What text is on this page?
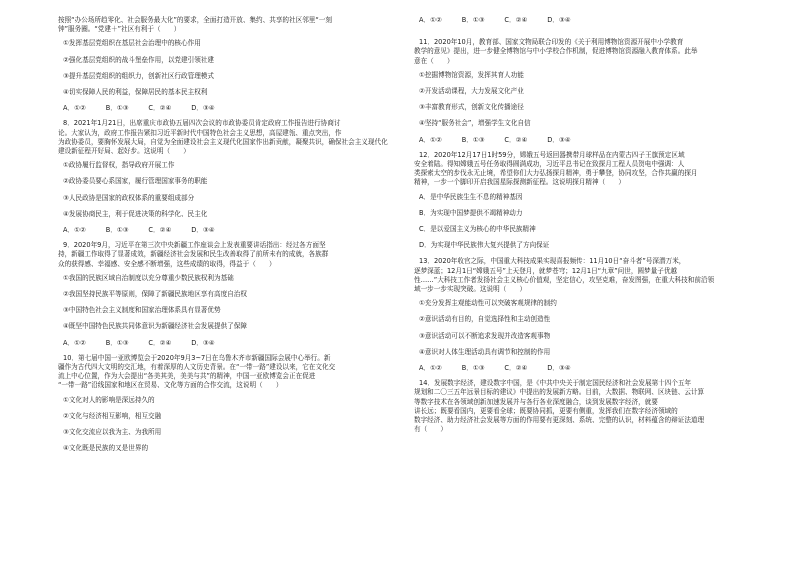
按照“办公场所趋零化、社会服务最大化”的要求，全面打造开放、集约、共享的社区邻里“一刻

钟”服务圈。“党建＋”社区有利于（　　）

①发挥基层党组织在基层社会治理中的核心作用

②强化基层党组织的战斗堡垒作用，以党建引领社建

③提升基层党组织的组织力，创新社区行政管理模式

④切实保障人民的利益，保障居民的基本民主权利

A．①②　　　B．①③　　　C．②④　　　D．③④

8．2021年1月21日，出席重庆市政协五届四次会议的市政协委员肯定政府工作报告进行协商讨

论。大家认为，政府工作报告紧扣习近平新时代中国特色社会主义思想，高屋建瓴、重点突出，作

为政协委员，要胸怀发展大局，自觉为全面建设社会主义现代化国家作出新贡献，凝聚共识，确保社会主义现代化

建设新征程开好局、起好步。这说明（　　）

①政协履行监督权，指导政府开展工作

②政协委员要心系国家，履行管理国家事务的职能

③人民政协是国家的政权体系的重要组成部分

④发展协商民主，利于促进决策的科学化、民主化

A．①②　　　B．①③　　　C．②④　　　D．③④

9．2020年9月，习近平在第三次中央新疆工作座谈会上发表重要讲话指出：经过各方面坚

持，新疆工作取得了显著成效，新疆经济社会发展和民生改善取得了前所未有的成就，各族群

众的获得感、幸福感、安全感不断增强，这些成绩的取得，得益于（　　）

①我国的民族区域自治制度以充分尊重少数民族权利为基础

②我国坚持民族平等原则，保障了新疆民族地区享有高度自治权

③中国特色社会主义制度和国家治理体系具有显著优势

④既坚中国特色民族共同体意识为新疆经济社会发展提供了保障

A．①②　　　B．①③　　　C．②④　　　D．③④

10．第七届中国一亚欧博览会于2020年9月3~7日在乌鲁木齐市新疆国际会展中心举行。新

疆作为古代四大文明的交汇地，有着深厚的人文历史背景。在“一带一路”建设以来，它在文化交

流上中心位置，作为大会提出“各美其美，美美与共”的精神，中国一亚欧博览会正在促进

“一带一路”沿线国家和地区在贸易、文化等方面的合作交流，这说明（　　）

①文化对人的影响是深远持久的

②文化与经济相互影响，相互交融

③文化交流应以我为主、为我所用

④文化既是民族的又是世界的

A．①②　　　B．①③　　　C．②④　　　D．③④

11．2020年10月，教育部、国家文物局联合印发的《关于利用博物馆资源开展中小学教育

教学的意见》提出，进一步健全博物馆与中小学校合作机制，促进博物馆资源融入教育体系。此举

意在（　　）

①挖掘博物馆资源，发挥其育人功能

②开发活动课程，大力发展文化产业

③丰富教育形式，创新文化传播途径

④坚持“服务社会”，增强学生文化自信

A．①②　　　B．①③　　　C．②④　　　D．③④

12．2020年12月17日1时59分，嫦娥五号返回器携带月球样品在内蒙古四子王旗预定区域

安全着陆。得知嫦娥五号任务取得圆满成功，习近平总书记在致探月工程人员贺电中强调：人

类探索太空的步伐永无止境，希望你们大力弘扬探月精神，勇于攀登，协同攻坚，合作共赢的探月

精神，一步一个脚印开启我国星际探测新征程。这说明探月精神（　　）

A．是中华民族生生不息的精神基因

B．为实现中国梦提供不竭精神动力

C．是以爱国主义为核心的中华民族精神

D．为实现中华民族伟大复兴提供了方向保证

13．2020年收官之际，中国重大科技成果实现喜报频传：11月10日“奋斗者”号深潜万米，

逐梦深蓝；12月1日“嫦娥五号”上天登月，就梦苍穹；12月1日“九章”问世，圆梦量子优越

性……”大科技工作者发扬社会主义核心价值观，坚定信心，攻坚克难，奋发图强，在重大科技和前沿领

域一步一步实现突破。这说明（　　）

①充分发挥主观能动性可以突破客观规律的制约

②意识活动有目的，自觉选择性和主动创造性

③意识活动可以不断追求发现并改造客观事物

④意识对人体生理活动具有调节和控制的作用

A．①②　　　B．①③　　　C．②④　　　D．③④

14．发展数字经济，建设数字中国，是《中共中央关于制定国民经济和社会发展第十四个五年

规划和二〇三五年远景目标的建议》中提出的发展新方略。目前，大数据、物联网、区块链、云计算

等数字技术在各领域创新加速发展并与各行各业深度融合，谈到发展数字经济，就要

讲长远；既要看国内，更要看全球；既要协同抓，更要有侧重，发挥我们在数字经济领域的

数字经济、助力经济社会发展等方面的作用要有更深刻、系统、完整的认识，材料蕴含的辩证法道理

有（　　）
